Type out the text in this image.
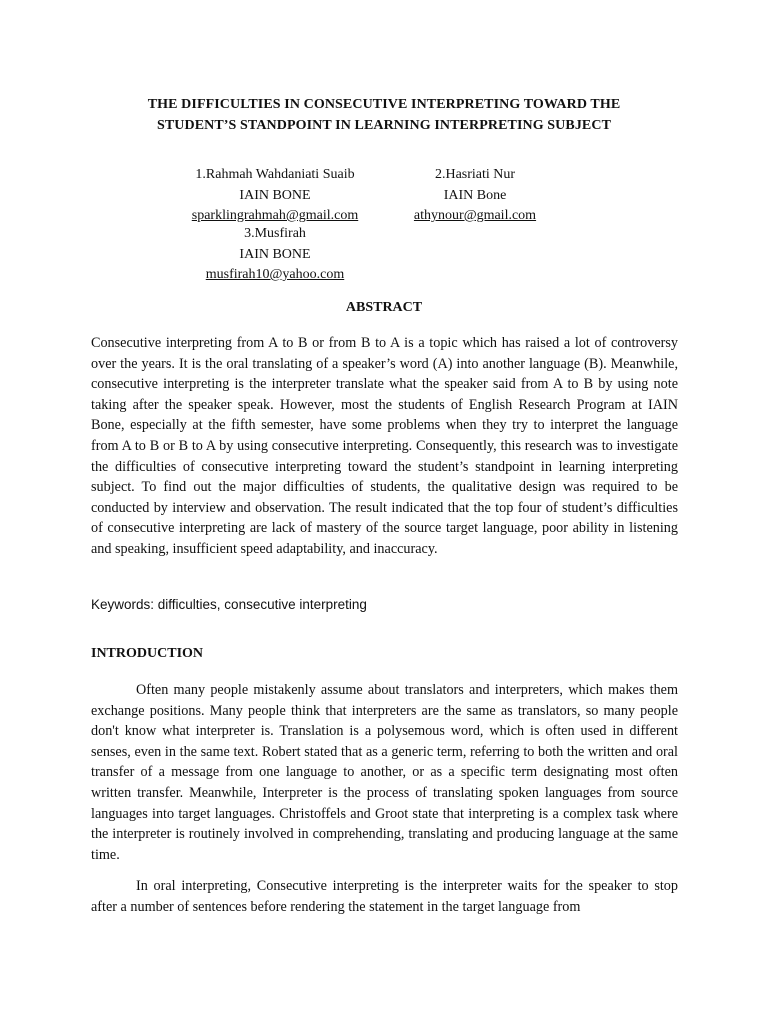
THE DIFFICULTIES IN CONSECUTIVE INTERPRETING TOWARD THE
STUDENT’S STANDPOINT IN LEARNING INTERPRETING SUBJECT
1.Rahmah Wahdaniati Suaib
IAIN BONE
sparklingrahmah@gmail.com
2.Hasriati Nur
IAIN Bone
athynour@gmail.com
3.Musfirah
IAIN BONE
musfirah10@yahoo.com
ABSTRACT

Consecutive interpreting from A to B or from B to A is a topic which has raised a lot of controversy over the years. It is the oral translating of a speaker’s word (A) into another language (B). Meanwhile, consecutive interpreting is the interpreter translate what the speaker said from A to B by using note taking after the speaker speak. However, most the students of English Research Program at IAIN Bone, especially at the fifth semester, have some problems when they try to interpret the language from A to B or B to A by using consecutive interpreting. Consequently, this research was to investigate the difficulties of consecutive interpreting toward the student’s standpoint in learning interpreting subject. To find out the major difficulties of students, the qualitative design was required to be conducted by interview and observation. The result indicated that the top four of student’s difficulties of consecutive interpreting are lack of mastery of the source target language, poor ability in listening and speaking, insufficient speed adaptability, and inaccuracy.

Keywords: difficulties, consecutive interpreting

INTRODUCTION

Often many people mistakenly assume about translators and interpreters, which makes them exchange positions. Many people think that interpreters are the same as translators, so many people don't know what interpreter is. Translation is a polysemous word, which is often used in different senses, even in the same text. Robert stated that as a generic term, referring to both the written and oral transfer of a message from one language to another, or as a specific term designating most often written transfer. Meanwhile, Interpreter is the process of translating spoken languages from source languages into target languages. Christoffels and Groot state that interpreting is a complex task where the interpreter is routinely involved in comprehending, translating and producing language at the same time.

In oral interpreting, Consecutive interpreting is the interpreter waits for the speaker to stop after a number of sentences before rendering the statement in the target language from
